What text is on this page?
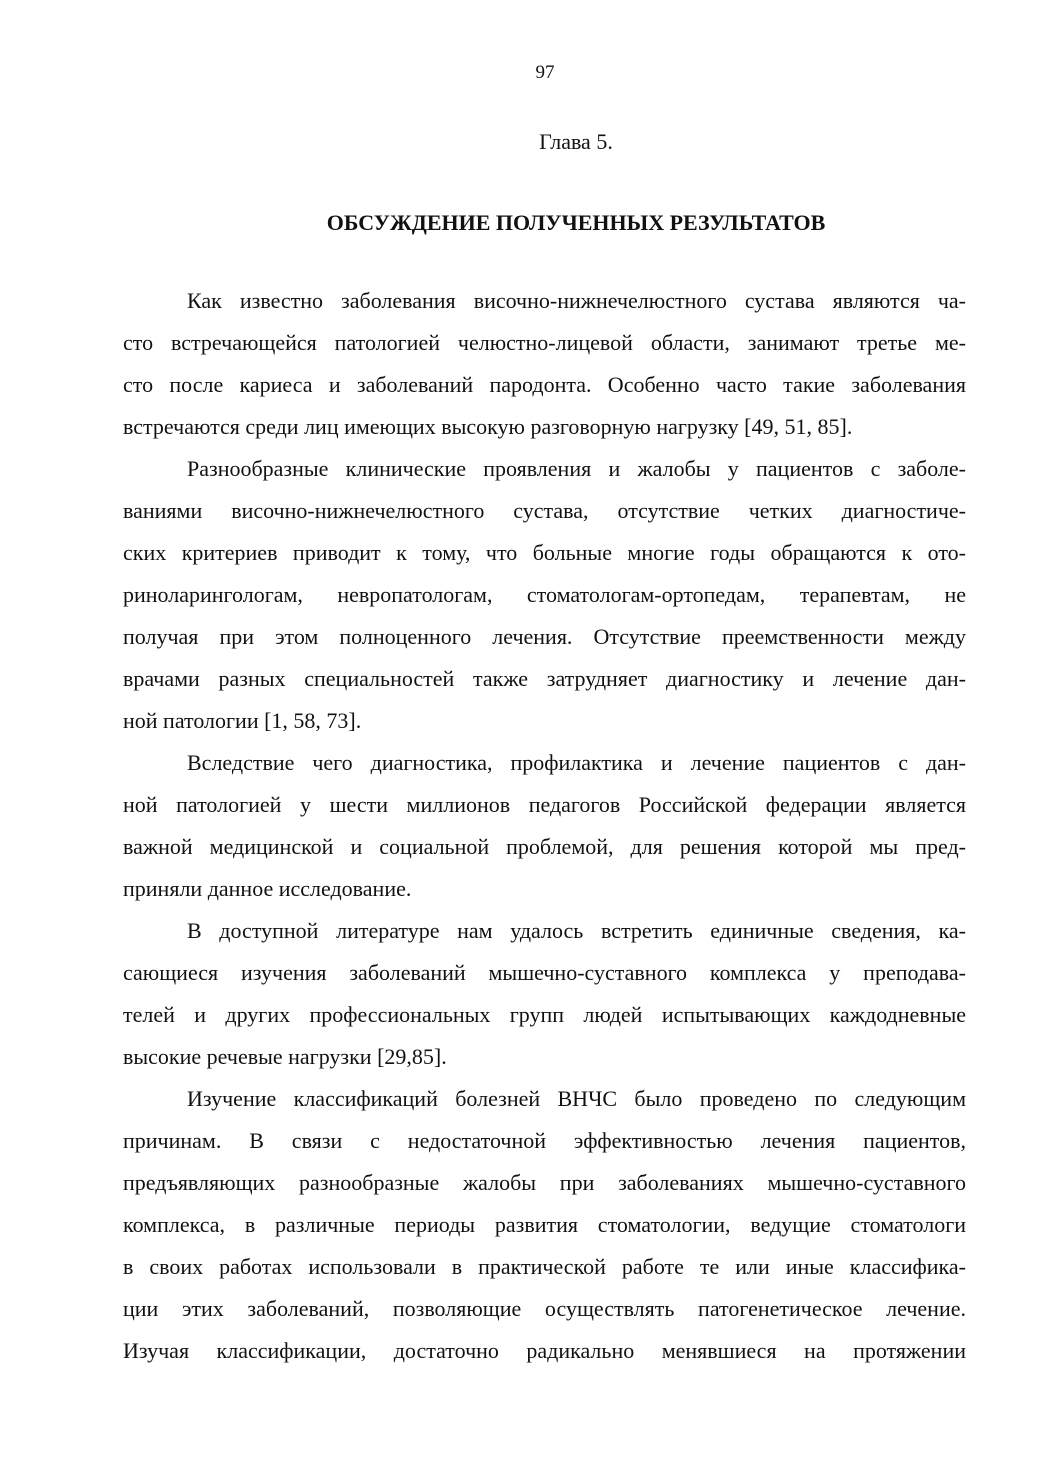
97
Глава 5.
ОБСУЖДЕНИЕ ПОЛУЧЕННЫХ РЕЗУЛЬТАТОВ
Как известно заболевания височно-нижнечелюстного сустава являются ча-
сто встречающейся патологией челюстно-лицевой области, занимают третье ме-
сто после кариеса и заболеваний пародонта. Особенно часто такие заболевания
встречаются среди лиц имеющих высокую разговорную нагрузку [49, 51, 85].
Разнообразные клинические проявления и жалобы у пациентов с заболе-
ваниями височно-нижнечелюстного сустава, отсутствие четких диагностиче-
ских критериев приводит к тому, что больные многие годы обращаются к ото-
риноларингологам, невропатологам, стоматологам-ортопедам, терапевтам, не
получая при этом полноценного лечения. Отсутствие преемственности между
врачами разных специальностей также затрудняет диагностику и лечение дан-
ной патологии [1, 58, 73].
Вследствие чего диагностика, профилактика и лечение пациентов с дан-
ной патологией у шести миллионов педагогов Российской федерации является
важной медицинской и социальной проблемой, для решения которой мы пред-
приняли данное исследование.
В доступной литературе нам удалось встретить единичные сведения, ка-
сающиеся изучения заболеваний мышечно-суставного комплекса у преподава-
телей и других профессиональных групп людей испытывающих каждодневные
высокие речевые нагрузки [29,85].
Изучение классификаций болезней ВНЧС было проведено по следующим
причинам. В связи с недостаточной эффективностью лечения пациентов,
предъявляющих разнообразные жалобы при заболеваниях мышечно-суставного
комплекса, в различные периоды развития стоматологии, ведущие стоматологи
в своих работах использовали в практической работе те или иные классифика-
ции этих заболеваний, позволяющие осуществлять патогенетическое лечение.
Изучая классификации, достаточно радикально менявшиеся на протяжении
